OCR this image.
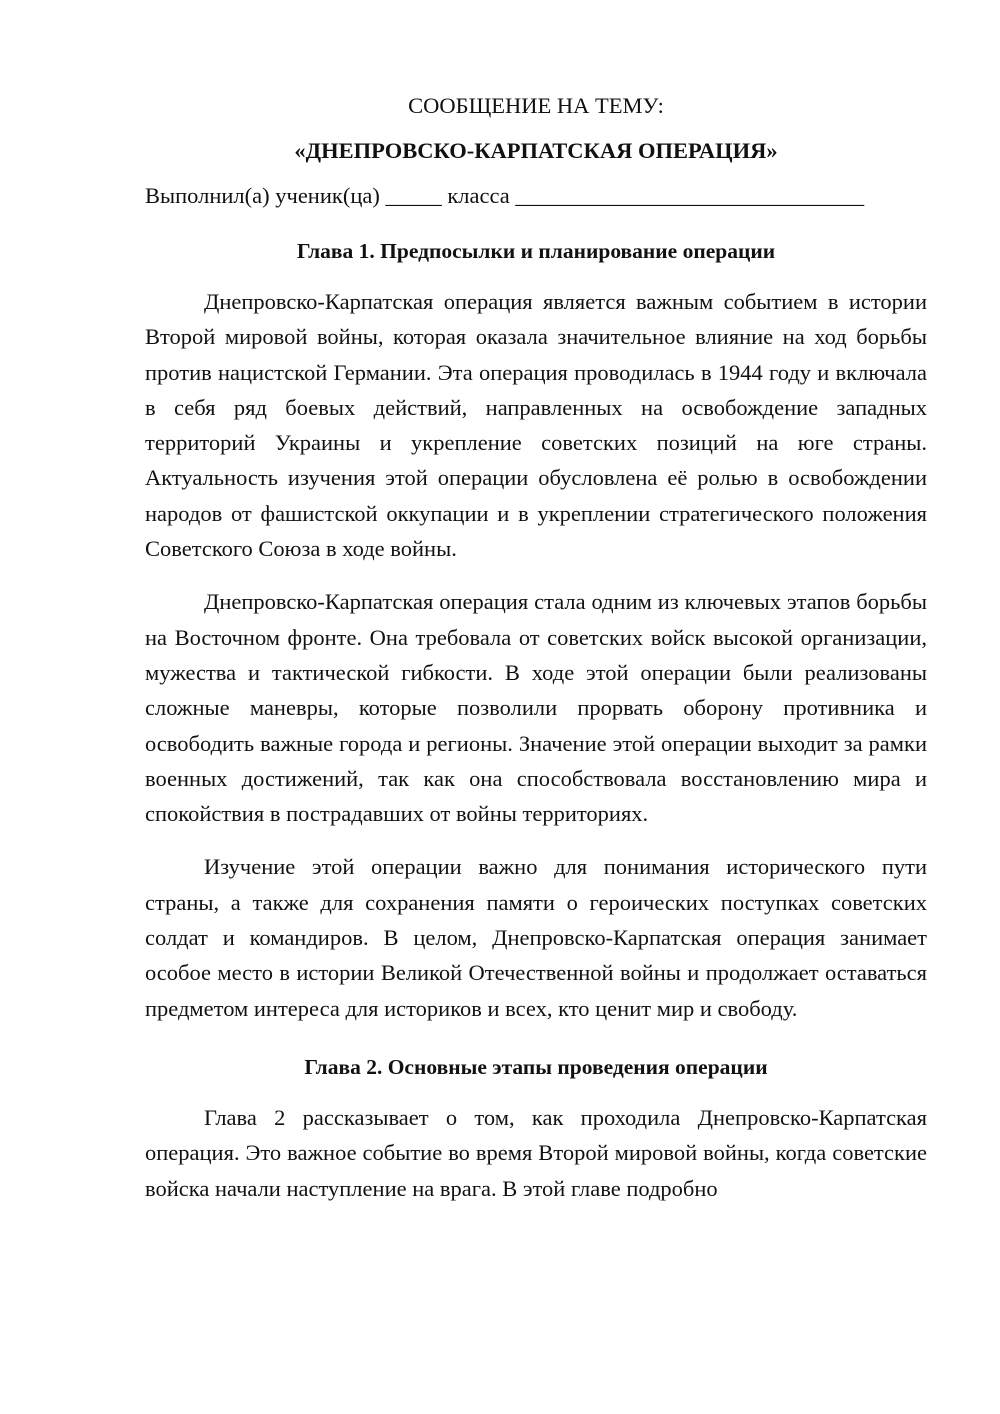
СООБЩЕНИЕ НА ТЕМУ:

«ДНЕПРОВСКО-КАРПАТСКАЯ ОПЕРАЦИЯ»

Выполнил(а) ученик(ца) _____ класса _______________________________

Глава 1. Предпосылки и планирование операции

Днепровско-Карпатская операция является важным событием в истории Второй мировой войны, которая оказала значительное влияние на ход борьбы против нацистской Германии. Эта операция проводилась в 1944 году и включала в себя ряд боевых действий, направленных на освобождение западных территорий Украины и укрепление советских позиций на юге страны. Актуальность изучения этой операции обусловлена её ролью в освобождении народов от фашистской оккупации и в укреплении стратегического положения Советского Союза в ходе войны.

Днепровско-Карпатская операция стала одним из ключевых этапов борьбы на Восточном фронте. Она требовала от советских войск высокой организации, мужества и тактической гибкости. В ходе этой операции были реализованы сложные маневры, которые позволили прорвать оборону противника и освободить важные города и регионы. Значение этой операции выходит за рамки военных достижений, так как она способствовала восстановлению мира и спокойствия в пострадавших от войны территориях.

Изучение этой операции важно для понимания исторического пути страны, а также для сохранения памяти о героических поступках советских солдат и командиров. В целом, Днепровско-Карпатская операция занимает особое место в истории Великой Отечественной войны и продолжает оставаться предметом интереса для историков и всех, кто ценит мир и свободу.

Глава 2. Основные этапы проведения операции

Глава 2 рассказывает о том, как проходила Днепровско-Карпатская операция. Это важное событие во время Второй мировой войны, когда советские войска начали наступление на врага. В этой главе подробно
